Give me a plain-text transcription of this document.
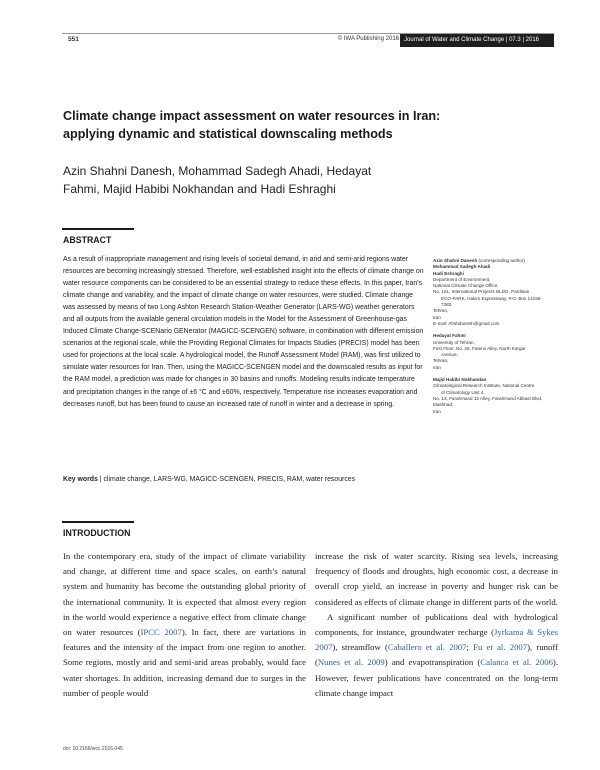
551	© IWA Publishing 2016 Journal of Water and Climate Change | 07.3 | 2016
Climate change impact assessment on water resources in Iran: applying dynamic and statistical downscaling methods
Azin Shahni Danesh, Mohammad Sadegh Ahadi, Hedayat Fahmi, Majid Habibi Nokhandan and Hadi Eshraghi
ABSTRACT
As a result of inappropriate management and rising levels of societal demand, in arid and semi-arid regions water resources are becoming increasingly stressed. Therefore, well-established insight into the effects of climate change on water resource components can be considered to be an essential strategy to reduce these effects. In this paper, Iran’s climate change and variability, and the impact of climate change on water resources, were studied. Climate change was assessed by means of two Long Ashton Research Station-Weather Generator (LARS-WG) weather generators and all outputs from the available general circulation models in the Model for the Assessment of Greenhouse-gas Induced Climate Change-SCENario GENerator (MAGICC-SCENGEN) software, in combination with different emission scenarios at the regional scale, while the Providing Regional Climates for Impacts Studies (PRECIS) model has been used for projections at the local scale. A hydrological model, the Runoff Assessment Model (RAM), was first utilized to simulate water resources for Iran. Then, using the MAGICC-SCENGEN model and the downscaled results as input for the RAM model, a prediction was made for changes in 30 basins and runoffs. Modeling results indicate temperature and precipitation changes in the range of ±6 °C and ±60%, respectively. Temperature rise increases evaporation and decreases runoff, but has been found to cause an increased rate of runoff in winter and a decrease in spring.
Key words | climate change, LARS-WG, MAGICC-SCENGEN, PRECIS, RAM, water resources
Azin Shahni Danesh (corresponding author)
Mohammad Sadegh Ahadi
Hadi Eshraghi
Department of Environment,
National Climate Change Office,
No. 161, International Projects BLDG, Pardisan
ECO-PARK, Hakim Expressway, P.O. Box 14155-
7383,
Tehran,
Iran
E-mail: Ahshdanesh@gmail.com
Hedayat Fahmi
University of Tehran,
First Floor, No. 28, Fatemi Alley, North Kargar
Avenue,
Tehran,
Iran
Majid Habibi Nokhandan
Climatological Research Institute, National Centre
of Climatology Unit 4,
No. 13, Farahmand 12 Alley, Farahmand Abbasi Blvd,
Mashhad,
Iran
INTRODUCTION

In the contemporary era, study of the impact of climate variability and change, at different time and space scales, on earth’s natural system and humanity has become the outstanding global priority of the international community. It is expected that almost every region in the world would experience a negative effect from climate change on water resources (IPCC 2007). In fact, there are variations in features and the intensity of the impact from one region to another. Some regions, mostly arid and semi-arid areas probably, would face water shortages. In addition, increasing demand due to surges in the number of people would

increase the risk of water scarcity. Rising sea levels, increasing frequency of floods and droughts, high economic cost, a decrease in overall crop yield, an increase in poverty and hunger risk can be considered as effects of climate change in different parts of the world.

A significant number of publications deal with hydrological components, for instance, groundwater recharge (Jyrkama & Sykes 2007), streamflow (Caballero et al. 2007; Fu et al. 2007), runoff (Nunes et al. 2009) and evapotranspiration (Calanca et al. 2006). However, fewer publications have concentrated on the long-term climate change impact

doi: 10.2166/wcc.2016.045
